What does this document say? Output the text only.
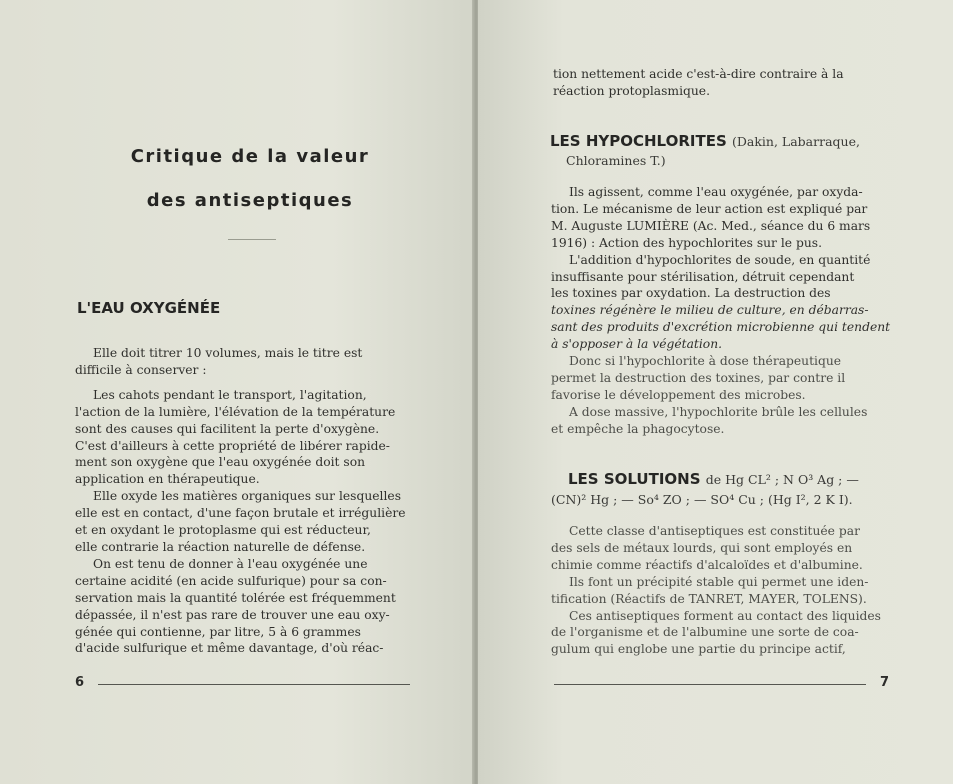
Critique de la valeur
des antiseptiques
L'EAU OXYGÉNÉE

Elle doit titrer 10 volumes, mais le titre est

difficile à conserver :

Les cahots pendant le transport, l'agitation,

l'action de la lumière, l'élévation de la température
sont des causes qui facilitent la perte d'oxygène.
C'est d'ailleurs à cette propriété de libérer rapide-
ment son oxygène que l'eau oxygénée doit son
application en thérapeutique.

Elle oxyde les matières organiques sur lesquelles

elle est en contact, d'une façon brutale et irrégulière
et en oxydant le protoplasme qui est réducteur,
elle contrarie la réaction naturelle de défense.

On est tenu de donner à l'eau oxygénée une

certaine acidité (en acide sulfurique) pour sa con-
servation mais la quantité tolérée est fréquemment
dépassée, il n'est pas rare de trouver une eau oxy-
génée qui contienne, par litre, 5 à 6 grammes
d'acide sulfurique et même davantage, d'où réac-
6
tion nettement acide c'est-à-dire contraire à la
réaction protoplasmique.
LES HYPOCHLORITES (Dakin, Labarraque,
Chloramines T.)

Ils agissent, comme l'eau oxygénée, par oxyda-

tion. Le mécanisme de leur action est expliqué par
M. Auguste LUMIÈRE (Ac. Med., séance du 6 mars
1916) : Action des hypochlorites sur le pus.

L'addition d'hypochlorites de soude, en quantité

insuffisante pour stérilisation, détruit cependant
les toxines par oxydation. La destruction des
toxines régénère le milieu de culture, en débarras-
sant des produits d'excrétion microbienne qui tendent
à s'opposer à la végétation.

Donc si l'hypochlorite à dose thérapeutique

permet la destruction des toxines, par contre il
favorise le développement des microbes.

A dose massive, l'hypochlorite brûle les cellules

et empêche la phagocytose.
LES SOLUTIONS de Hg CL² ; N O³ Ag ; —
(CN)² Hg ; — So⁴ ZO ; — SO⁴ Cu ; (Hg I², 2 K I).

Cette classe d'antiseptiques est constituée par

des sels de métaux lourds, qui sont employés en
chimie comme réactifs d'alcaloïdes et d'albumine.

Ils font un précipité stable qui permet une iden-

tification (Réactifs de TANRET, MAYER, TOLENS).

Ces antiseptiques forment au contact des liquides

de l'organisme et de l'albumine une sorte de coa-
gulum qui englobe une partie du principe actif,
7
